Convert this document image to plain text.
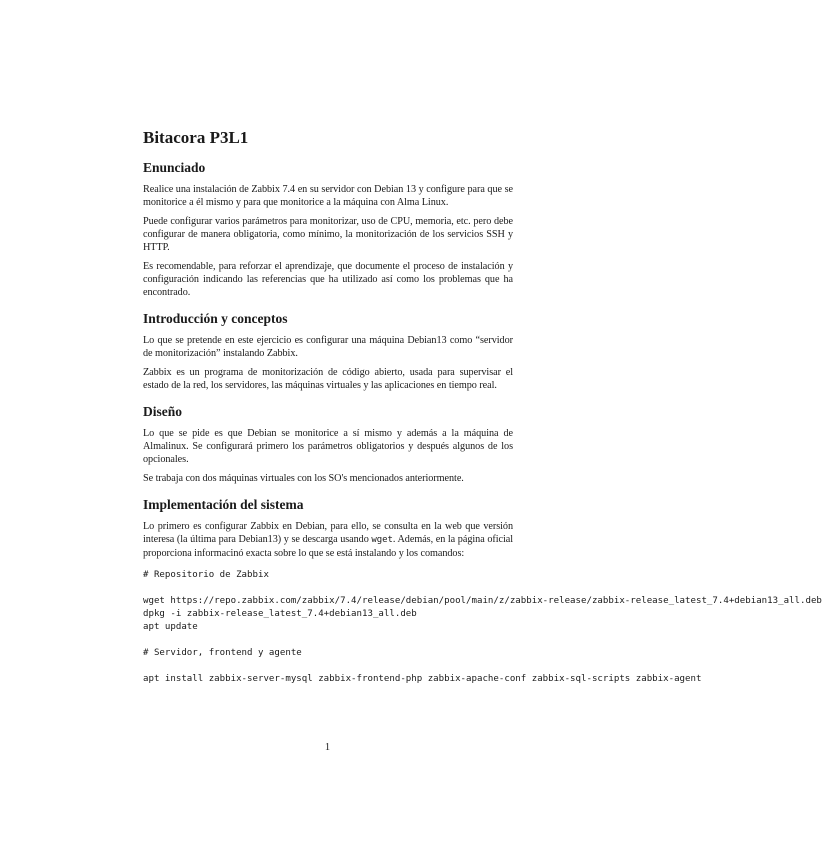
Bitacora P3L1
Enunciado

Realice una instalación de Zabbix 7.4 en su servidor con Debian 13 y configure para que se monitorice a él mismo y para que monitorice a la máquina con Alma Linux.

Puede configurar varios parámetros para monitorizar, uso de CPU, memoria, etc. pero debe configurar de manera obligatoria, como mínimo, la monitorización de los servicios SSH y HTTP.

Es recomendable, para reforzar el aprendizaje, que documente el proceso de instalación y configuración indicando las referencias que ha utilizado así como los problemas que ha encontrado.

Introducción y conceptos

Lo que se pretende en este ejercicio es configurar una máquina Debian13 como “servidor de monitorización” instalando Zabbix.

Zabbix es un programa de monitorización de código abierto, usada para supervisar el estado de la red, los servidores, las máquinas virtuales y las aplicaciones en tiempo real.

Diseño

Lo que se pide es que Debian se monitorice a sí mismo y además a la máquina de Almalinux. Se configurará primero los parámetros obligatorios y después algunos de los opcionales.

Se trabaja con dos máquinas virtuales con los SO's mencionados anteriormente.

Implementación del sistema

Lo primero es configurar Zabbix en Debian, para ello, se consulta en la web que versión interesa (la última para Debian13) y se descarga usando wget. Además, en la página oficial proporciona informacinó exacta sobre lo que se está instalando y los comandos:

# Repositorio de Zabbix
wget https://repo.zabbix.com/zabbix/7.4/release/debian/pool/main/z/zabbix-release/zabbix-release_latest_7.4+debian13_all.deb
dpkg -i zabbix-release_latest_7.4+debian13_all.deb
apt update
# Servidor, frontend y agente
apt install zabbix-server-mysql zabbix-frontend-php zabbix-apache-conf zabbix-sql-scripts zabbix-agent
1
